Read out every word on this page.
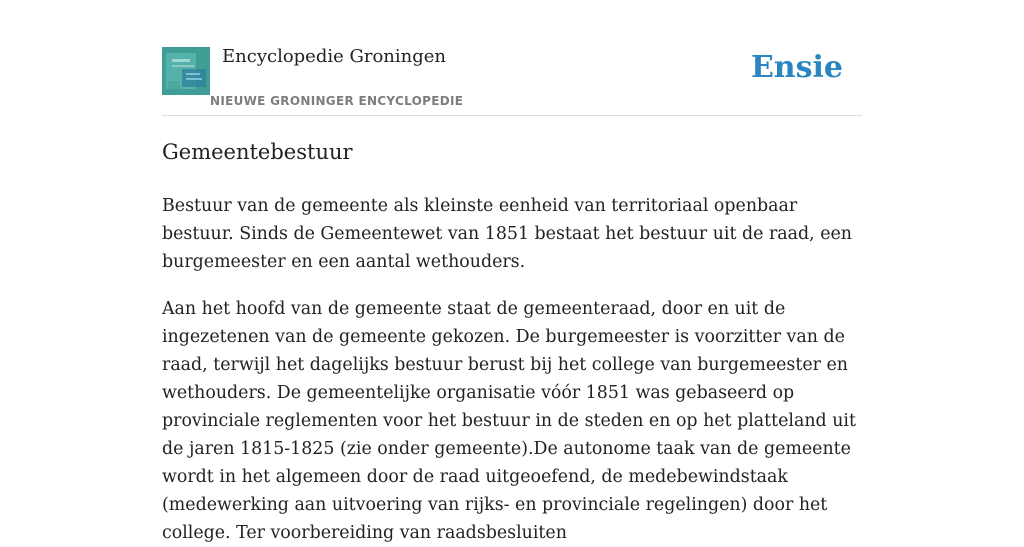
Encyclopedie Groningen
NIEUWE GRONINGER ENCYCLOPEDIE
Ensie
Gemeentebestuur

Bestuur van de gemeente als kleinste eenheid van territoriaal openbaar bestuur. Sinds de Gemeentewet van 1851 bestaat het bestuur uit de raad, een burgemeester en een aantal wethouders.

Aan het hoofd van de gemeente staat de gemeenteraad, door en uit de ingezetenen van de gemeente gekozen. De burgemeester is voorzitter van de raad, terwijl het dagelijks bestuur berust bij het college van burgemeester en wethouders. De gemeentelijke organisatie vóór 1851 was gebaseerd op provinciale reglementen voor het bestuur in de steden en op het platteland uit de jaren 1815-1825 (zie onder gemeente).De autonome taak van de gemeente wordt in het algemeen door de raad uitgeoefend, de medebewindstaak (medewerking aan uitvoering van rijks- en provinciale regelingen) door het college. Ter voorbereiding van raadsbesluiten
